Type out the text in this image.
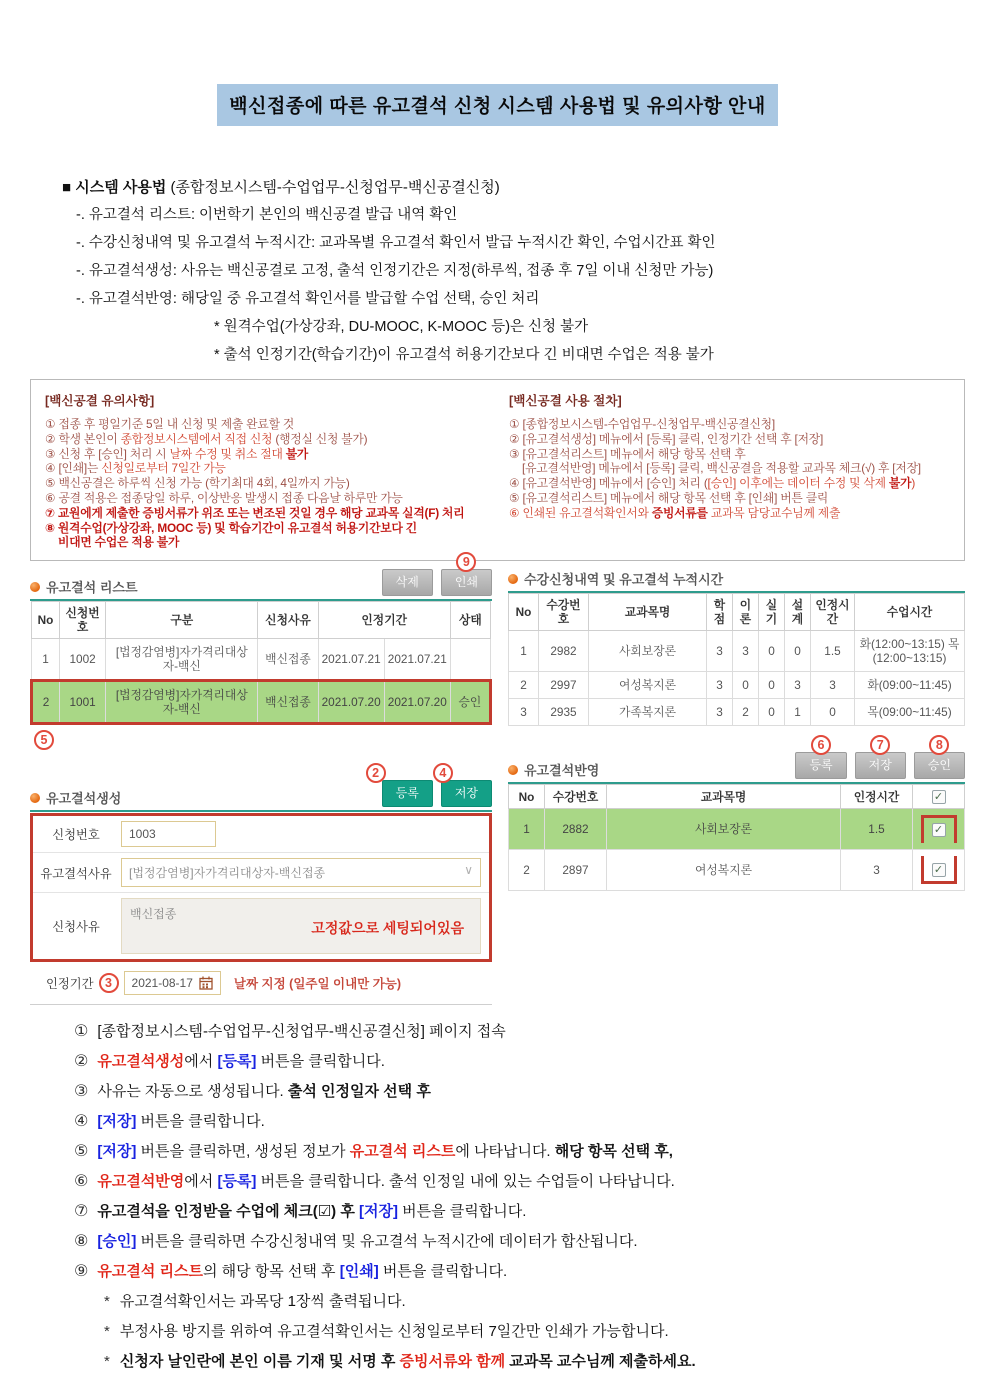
백신접종에 따른 유고결석 신청 시스템 사용법 및 유의사항 안내
■ 시스템 사용법 (종합정보시스템-수업업무-신청업무-백신공결신청)
-. 유고결석 리스트: 이번학기 본인의 백신공결 발급 내역 확인
-. 수강신청내역 및 유고결석 누적시간: 교과목별 유고결석 확인서 발급 누적시간 확인, 수업시간표 확인
-. 유고결석생성: 사유는 백신공결로 고정, 출석 인정기간은 지정(하루씩, 접종 후 7일 이내 신청만 가능)
-. 유고결석반영: 해당일 중 유고결석 확인서를 발급할 수업 선택, 승인 처리
* 원격수업(가상강좌, DU-MOOC, K-MOOC 등)은 신청 불가
* 출석 인정기간(학습기간)이 유고결석 허용기간보다 긴 비대면 수업은 적용 불가
[백신공결 유의사항]
① 접종 후 평일기준 5일 내 신청 및 제출 완료할 것
② 학생 본인이 종합정보시스템에서 직접 신청 (행정실 신청 불가)
③ 신청 후 [승인] 처리 시 날짜 수정 및 취소 절대 불가
④ [인쇄]는 신청일로부터 7일간 가능
⑤ 백신공결은 하루씩 신청 가능 (학기최대 4회, 4일까지 가능)
⑥ 공결 적용은 접종당일 하루, 이상반응 발생시 접종 다음날 하루만 가능
⑦ 교원에게 제출한 증빙서류가 위조 또는 변조된 것일 경우 해당 교과목 실격(F) 처리
⑧ 원격수업(가상강좌, MOOC 등) 및 학습기간이 유고결석 허용기간보다 긴
비대면 수업은 적용 불가
[백신공결 사용 절차]
① [종합정보시스템-수업업무-신청업무-백신공결신청]
② [유고결석생성] 메뉴에서 [등록] 클릭, 인정기간 선택 후 [저장]
③ [유고결석리스트] 메뉴에서 해당 항목 선택 후
[유고결석반영] 메뉴에서 [등록] 클릭, 백신공결을 적용할 교과목 체크(√) 후 [저장]
④ [유고결석반영] 메뉴에서 [승인] 처리 ([승인] 이후에는 데이터 수정 및 삭제 불가)
⑤ [유고결석리스트] 메뉴에서 해당 항목 선택 후 [인쇄] 버튼 클릭
⑥ 인쇄된 유고결석확인서와 증빙서류를 교과목 담당교수님께 제출
유고결석 리스트	삭제
9
인쇄
No	신청번호	구분	신청사유	인정기간		상태
1	1002	[법정감염병]자가격리대상자-백신	백신접종	2021.07.21	2021.07.21	
2	1001	[법정감염병]자가격리대상자-백신	백신접종	2021.07.20	2021.07.20	승인
5
유고결석생성
2
등록
4
저장
신청번호	1003
유고결석사유	[법정감염병]자가격리대상자-백신접종	∨
신청사유
백신접종
고정값으로 세팅되어있음
인정기간 3	2021-08-17	날짜 지정 (일주일 이내만 가능)
수강신청내역 및 유고결석 누적시간
No	수강번호	교과목명	학점	이론	실기	설계	인정시간	수업시간
1	2982	사회보장론	3	3	0	0	1.5	화(12:00~13:15) 목(12:00~13:15)
2	2997	여성복지론	3	0	0	3	3	화(09:00~11:45)
3	2935	가족복지론	3	2	0	1	0	목(09:00~11:45)
유고결석반영
6
등록
7
저장
8
승인
No	수강번호	교과목명	인정시간	✓
1	2882	사회보장론	1.5	✓

2	2897	여성복지론	3	✓
① [종합정보시스템-수업업무-신청업무-백신공결신청] 페이지 접속
② 유고결석생성에서 [등록] 버튼을 클릭합니다.
③ 사유는 자동으로 생성됩니다. 출석 인정일자 선택 후
④ [저장] 버튼을 클릭합니다.
⑤ [저장] 버튼을 클릭하면, 생성된 정보가 유고결석 리스트에 나타납니다. 해당 항목 선택 후,
⑥ 유고결석반영에서 [등록] 버튼을 클릭합니다. 출석 인정일 내에 있는 수업들이 나타납니다.
⑦ 유고결석을 인정받을 수업에 체크(☑) 후 [저장] 버튼을 클릭합니다.
⑧ [승인] 버튼을 클릭하면 수강신청내역 및 유고결석 누적시간에 데이터가 합산됩니다.
⑨ 유고결석 리스트의 해당 항목 선택 후 [인쇄] 버튼을 클릭합니다.
* 유고결석확인서는 과목당 1장씩 출력됩니다.
* 부정사용 방지를 위하여 유고결석확인서는 신청일로부터 7일간만 인쇄가 가능합니다.
* 신청자 날인란에 본인 이름 기재 및 서명 후 증빙서류와 함께 교과목 교수님께 제출하세요.
